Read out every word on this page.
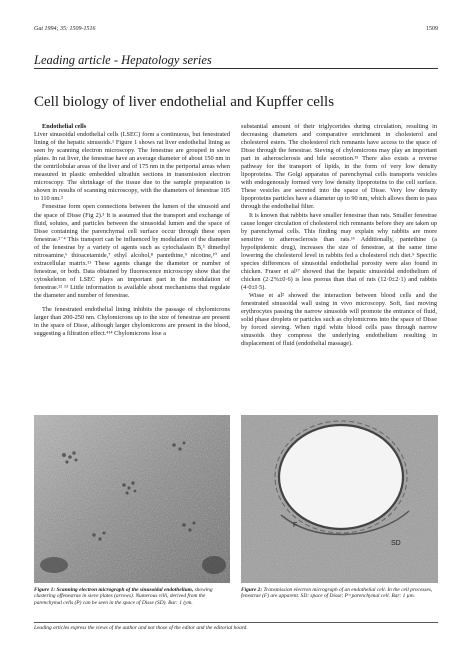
Gut 1994; 35: 1509-1516	1509
Leading article - Hepatology series
Cell biology of liver endothelial and Kupffer cells

Endothelial cells

Liver sinusoidal endothelial cells (LSEC) form a continuous, but fenestrated lining of the hepatic sinusoids.¹ Figure 1 shows rat liver endothelial lining as seen by scanning electron microscopy. The fenestrae are grouped in sieve plates. In rat liver, the fenestrae have an average diameter of about 150 nm in the centrilobular areas of the liver and of 175 nm in the periportal areas when measured in plastic embedded ultrathin sections in transmission electron microscopy. The shrinkage of the tissue due to the sample preparation is shown in results of scanning microscopy, with the diameters of fenestrae 105 to 110 nm.²

Fenestrae form open connections between the lumen of the sinusoid and the space of Disse (Fig 2).³ It is assumed that the transport and exchange of fluid, solutes, and particles between the sinusoidal lumen and the space of Disse containing the parenchymal cell surface occur through these open fenestrae.²⁻⁴ This transport can be influenced by modulation of the diameter of the fenestrae by a variety of agents such as cytochalasin B,⁵ dimethyl nitrosamine,⁶ thioacetamide,⁷ ethyl alcohol,⁸ pantethine,⁹ nicotine,¹⁰ and extracellular matrix.¹¹ These agents change the diameter or number of fenestrae, or both. Data obtained by fluorescence microscopy show that the cytoskeleton of LSEC plays an important part in the modulation of fenestrae.¹² ¹³ Little information is available about mechanisms that regulate the diameter and number of fenestrae.

The fenestrated endothelial lining inhibits the passage of chylomicrons larger than 200-250 nm. Chylomicrons up to the size of fenestrae are present in the space of Disse, although larger chylomicrons are present in the blood, suggesting a filtration effect.⁴¹⁴ Chylomicrons lose a

substantial amount of their triglycerides during circulation, resulting in decreasing diameters and comparative enrichment in cholesterol and cholesterol esters. The cholesterol rich remnants have access to the space of Disse through the fenestrae. Sieving of chylomicrons may play an important part in atherosclerosis and bile secretion.¹⁵ There also exists a reverse pathway for the transport of lipids, in the form of very low density lipoproteins. The Golgi apparatus of parenchymal cells transports vesicles with endogenously formed very low density lipoproteins to the cell surface. These vesicles are secreted into the space of Disse. Very low density lipoproteins particles have a diameter up to 90 nm, which allows them to pass through the endothelial filter.

It is known that rabbits have smaller fenestrae than rats. Smaller fenestrae cause longer circulation of cholesterol rich remnants before they are taken up by parenchymal cells. This finding may explain why rabbits are more sensitive to atherosclerosis than rats.¹⁶ Additionally, pantethine (a hypolipidemic drug), increases the size of fenestrae, at the same time lowering the cholesterol level in rabbits fed a cholesterol rich diet.⁹ Specific species differences of sinusoidal endothelial porosity were also found in chicken. Fraser et al¹⁷ showed that the hepatic sinusoidal endothelium of chicken (2·2%±0·6) is less porous than that of rats (12·0±2·1) and rabbits (4·0±I·5).

Wisse et al² showed the interaction between blood cells and the fenestrated sinusoidal wall using in vivo microscopy. Soft, fast moving erythrocytes passing the narrow sinusoids will promote the entrance of fluid, solid phase droplets or particles such as chylomicrons into the space of Disse by forced sieving. When rigid white blood cells pass through narrow sinusoids they compress the underlying endothelium resulting in displacement of fluid (endothelial massage).

SD
F
Figure 1: Scanning electron micrograph of the sinusoidal endothelium, showing clustering offenestrae in sieve plates (arrows). Numerous villi, derived from the parenchymal cells (P) can be seen in the space of Disse (SD). Bar: 1 (ym.
Figure 2: Transmission electron micrograph of an endothelial cell. In the cell processes, fenestrae (F) are apparent. SD: space of Disse; P=parenchymal cell. Bar: 1 µm.
Leading articles express the views of the author and not those of the editor and the editorial board.
